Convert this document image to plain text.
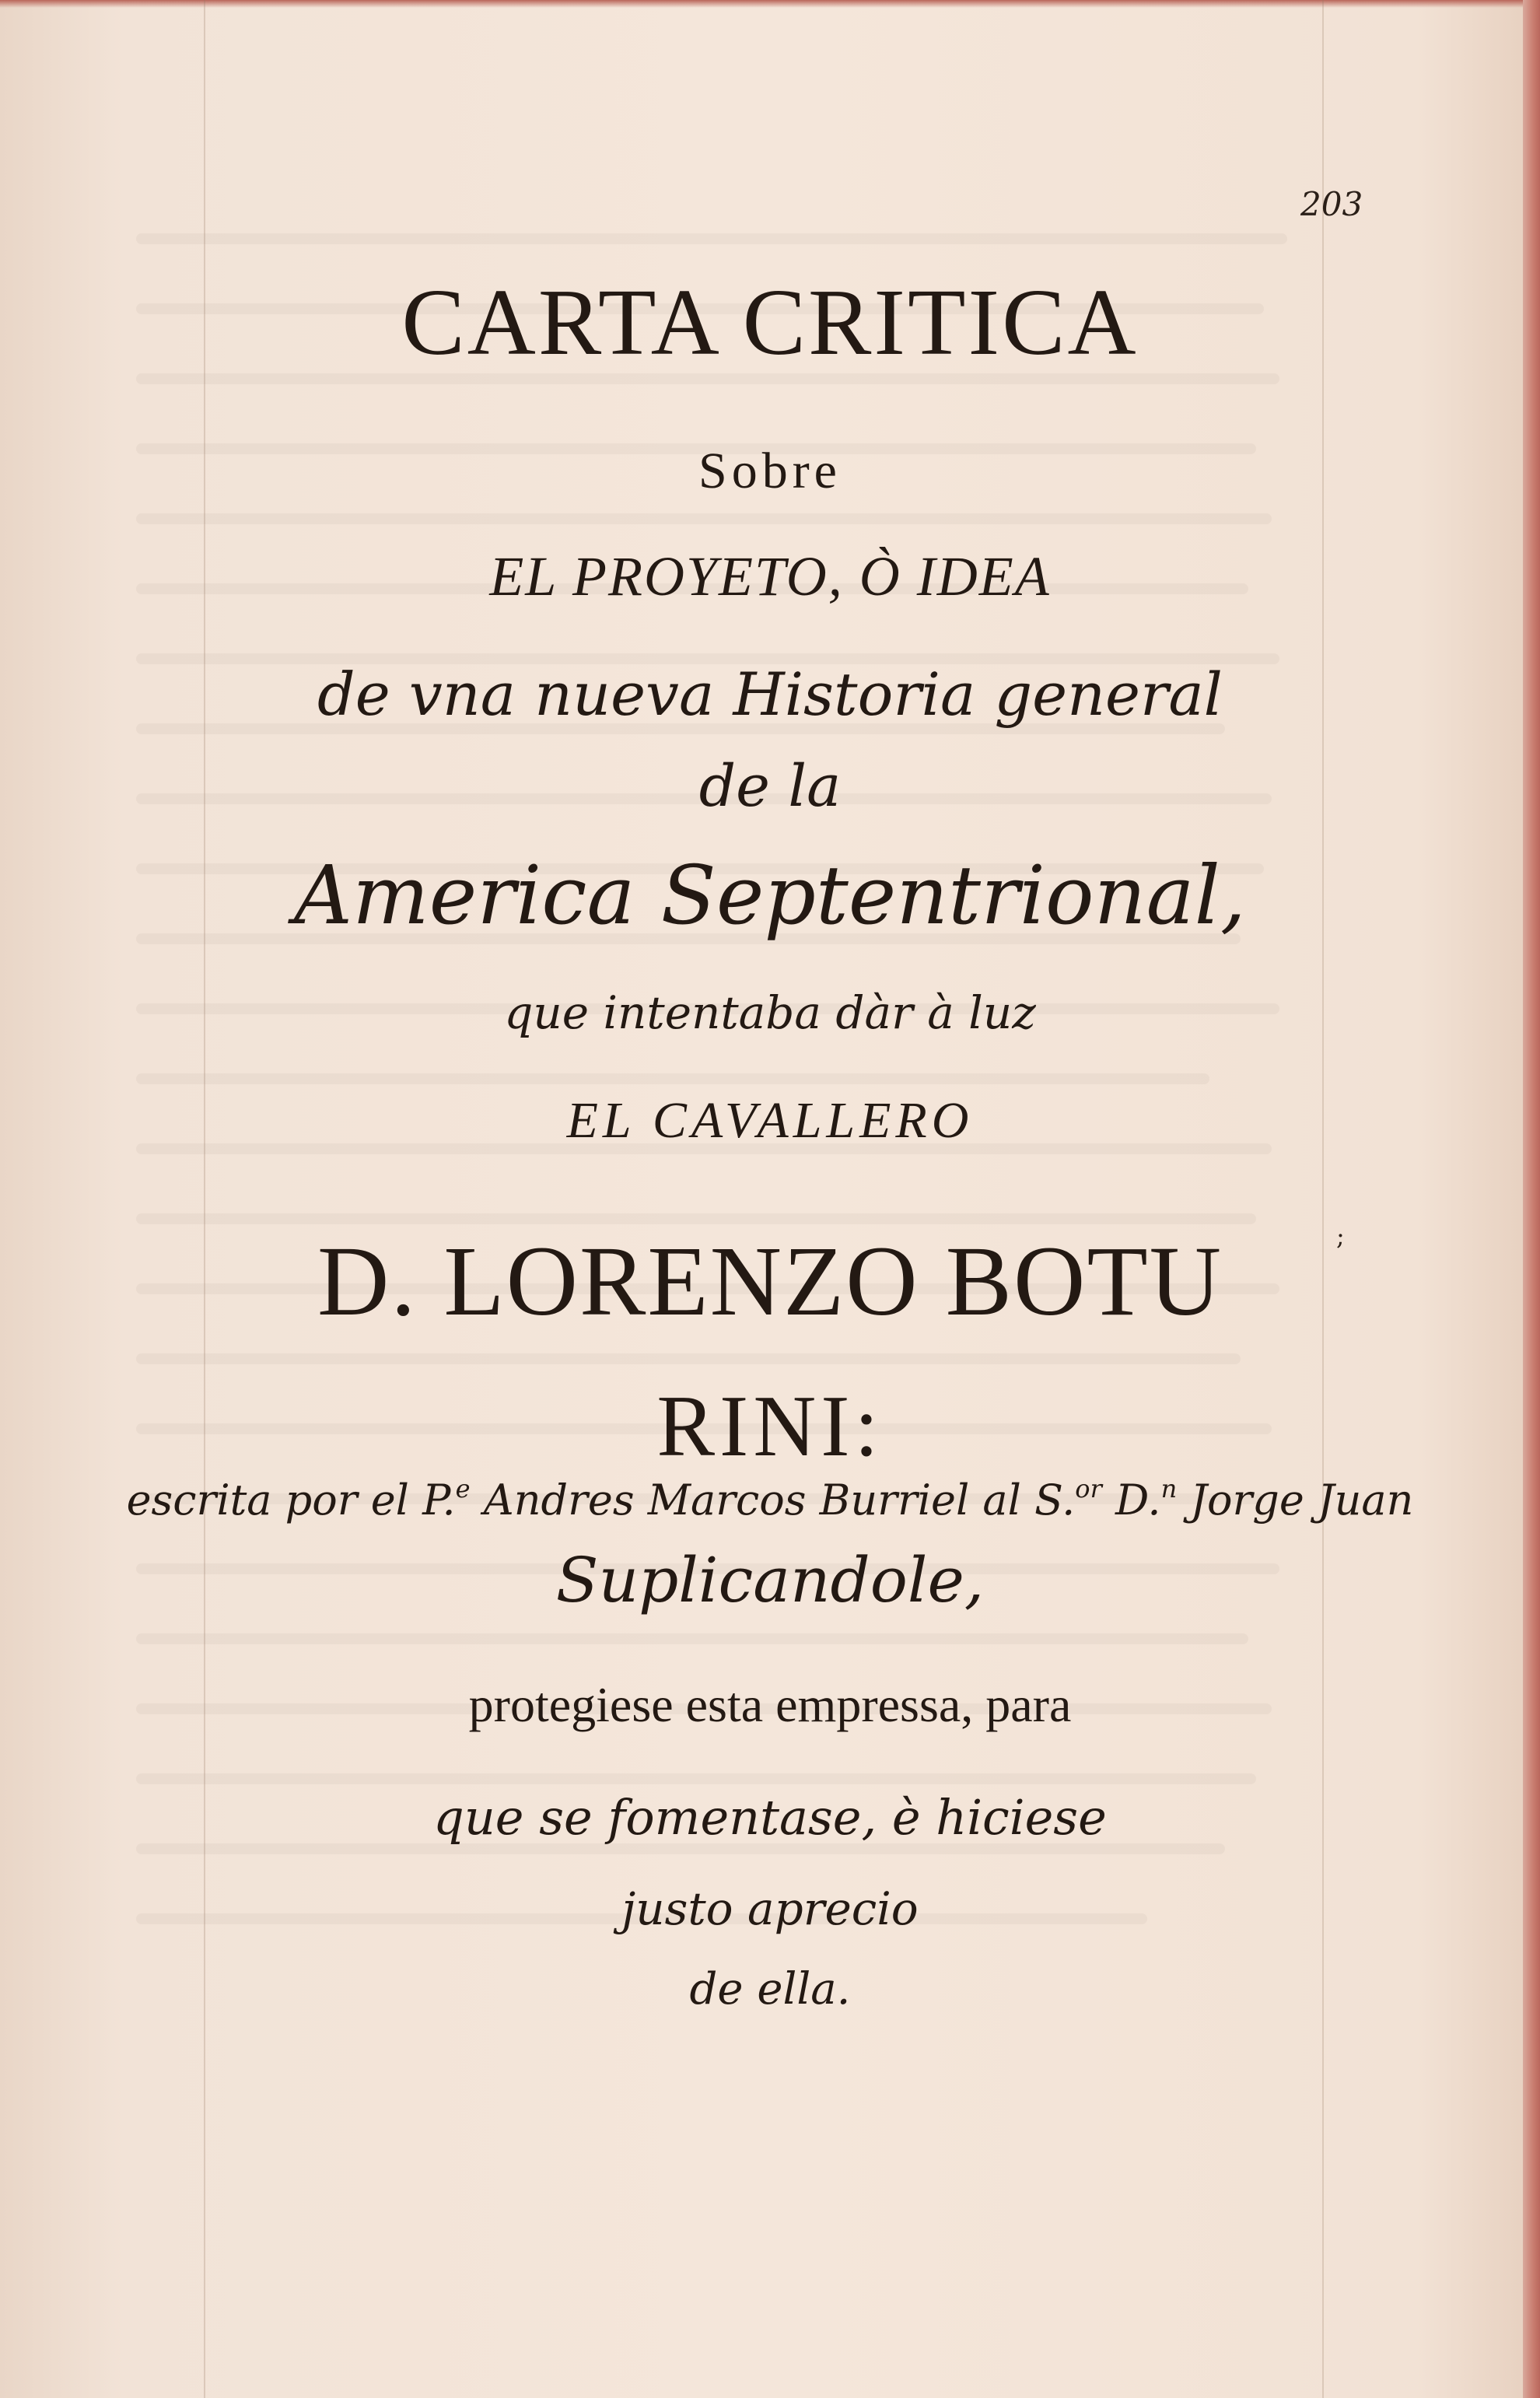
203
;
CARTA CRITICA
Sobre
EL PROYETO, Ò IDEA
de vna nueva Historia general
de la
America Septentrional,
que intentaba dàr à luz
EL CAVALLERO
D. LORENZO BOTU
RINI:
escrita por el P.$^e$ Andres Marcos Burriel al S.$^{or}$ D.$^n$ Jorge Juan
Suplicandole,
protegiese esta empressa, para
que se fomentase, è hiciese
justo aprecio
de ella.
